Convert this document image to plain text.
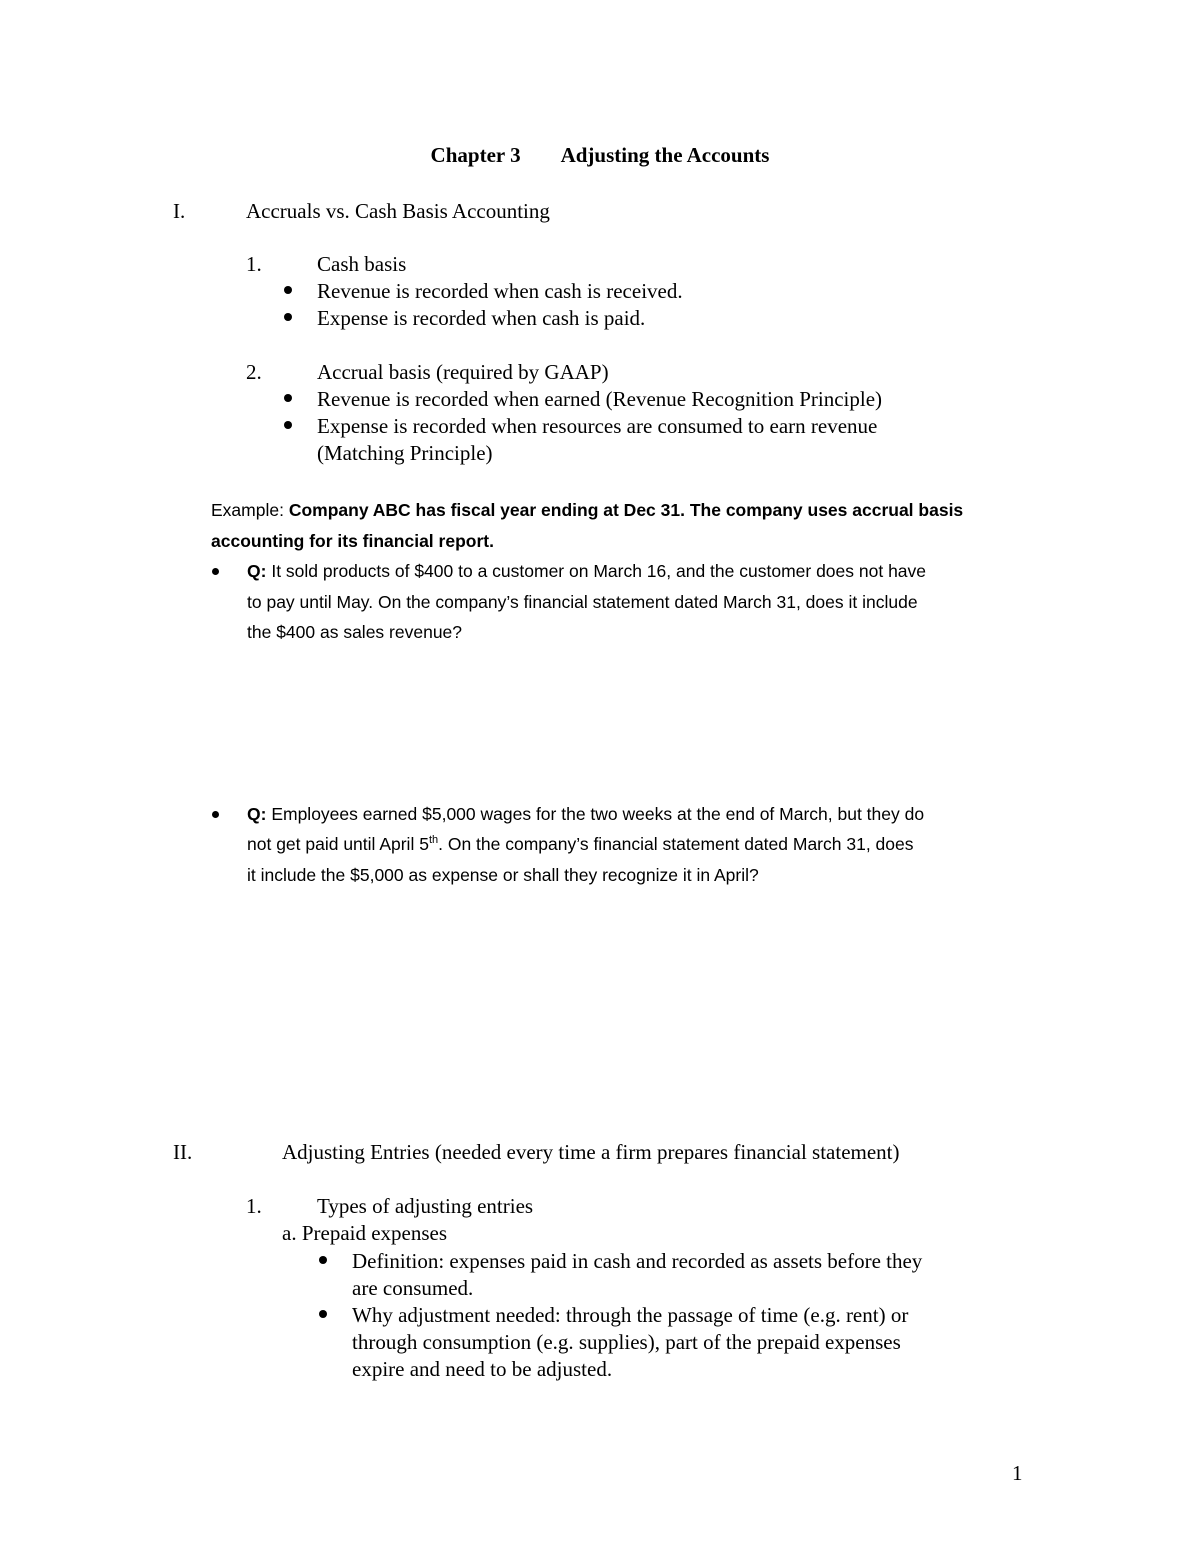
Chapter 3 Adjusting the Accounts
I.	Accruals vs. Cash Basis Accounting
1.	Cash basis
Revenue is recorded when cash is received.
Expense is recorded when cash is paid.
2.	Accrual basis (required by GAAP)
Revenue is recorded when earned (Revenue Recognition Principle)
Expense is recorded when resources are consumed to earn revenue
(Matching Principle)
Example: Company ABC has fiscal year ending at Dec 31. The company uses accrual basis
accounting for its financial report.
Q: It sold products of $400 to a customer on March 16, and the customer does not have
to pay until May. On the company’s financial statement dated March 31, does it include
the $400 as sales revenue?
Q: Employees earned $5,000 wages for the two weeks at the end of March, but they do
not get paid until April 5th. On the company’s financial statement dated March 31, does
it include the $5,000 as expense or shall they recognize it in April?
II.	Adjusting Entries (needed every time a firm prepares financial statement)
1.	Types of adjusting entries
a. Prepaid expenses
Definition: expenses paid in cash and recorded as assets before they
are consumed.
Why adjustment needed: through the passage of time (e.g. rent) or
through consumption (e.g. supplies), part of the prepaid expenses
expire and need to be adjusted.
1
